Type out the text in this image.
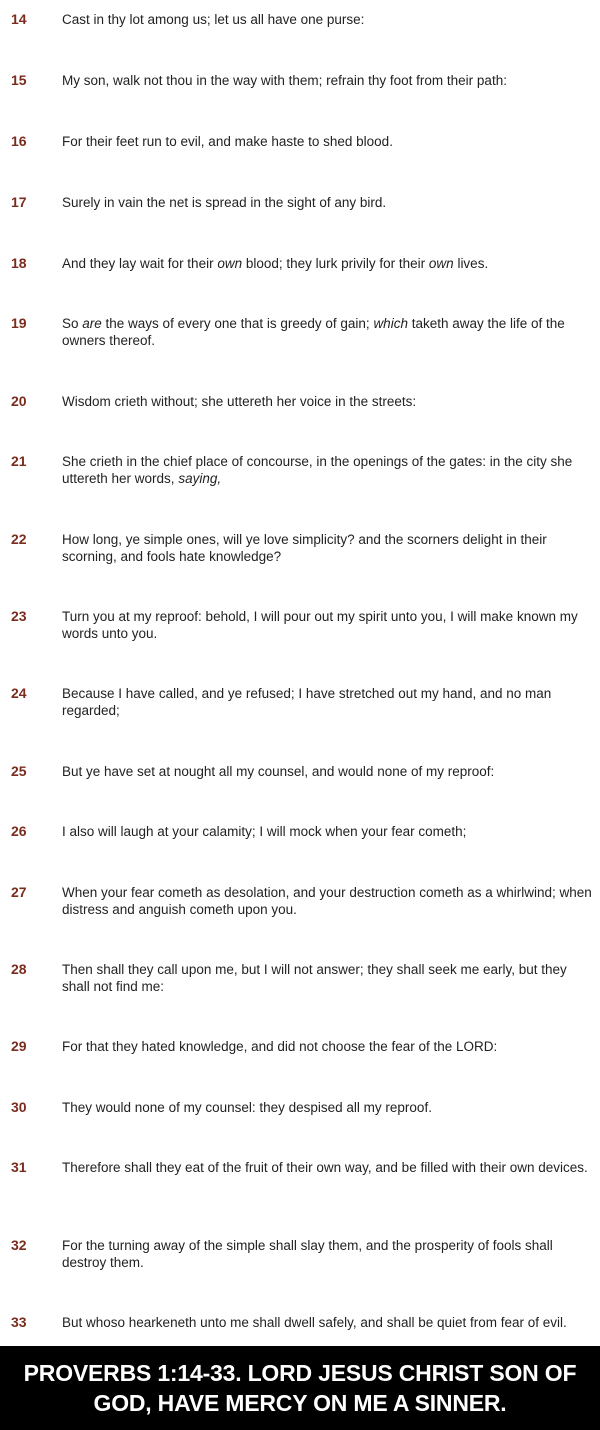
14	Cast in thy lot among us; let us all have one purse:
15	My son, walk not thou in the way with them; refrain thy foot from their path:
16	For their feet run to evil, and make haste to shed blood.
17	Surely in vain the net is spread in the sight of any bird.
18	And they lay wait for their own blood; they lurk privily for their own lives.
19	So are the ways of every one that is greedy of gain; which taketh away the life of the owners thereof.
20	Wisdom crieth without; she uttereth her voice in the streets:
21	She crieth in the chief place of concourse, in the openings of the gates: in the city she uttereth her words, saying,
22	How long, ye simple ones, will ye love simplicity? and the scorners delight in their scorning, and fools hate knowledge?
23	Turn you at my reproof: behold, I will pour out my spirit unto you, I will make known my words unto you.
24	Because I have called, and ye refused; I have stretched out my hand, and no man regarded;
25	But ye have set at nought all my counsel, and would none of my reproof:
26	I also will laugh at your calamity; I will mock when your fear cometh;
27	When your fear cometh as desolation, and your destruction cometh as a whirlwind; when distress and anguish cometh upon you.
28	Then shall they call upon me, but I will not answer; they shall seek me early, but they shall not find me:
29	For that they hated knowledge, and did not choose the fear of the LORD:
30	They would none of my counsel: they despised all my reproof.
31	Therefore shall they eat of the fruit of their own way, and be filled with their own devices.
32	For the turning away of the simple shall slay them, and the prosperity of fools shall destroy them.
33	But whoso hearkeneth unto me shall dwell safely, and shall be quiet from fear of evil.
PROVERBS 1:14-33. LORD JESUS CHRIST SON OF GOD, HAVE MERCY ON ME A SINNER.
